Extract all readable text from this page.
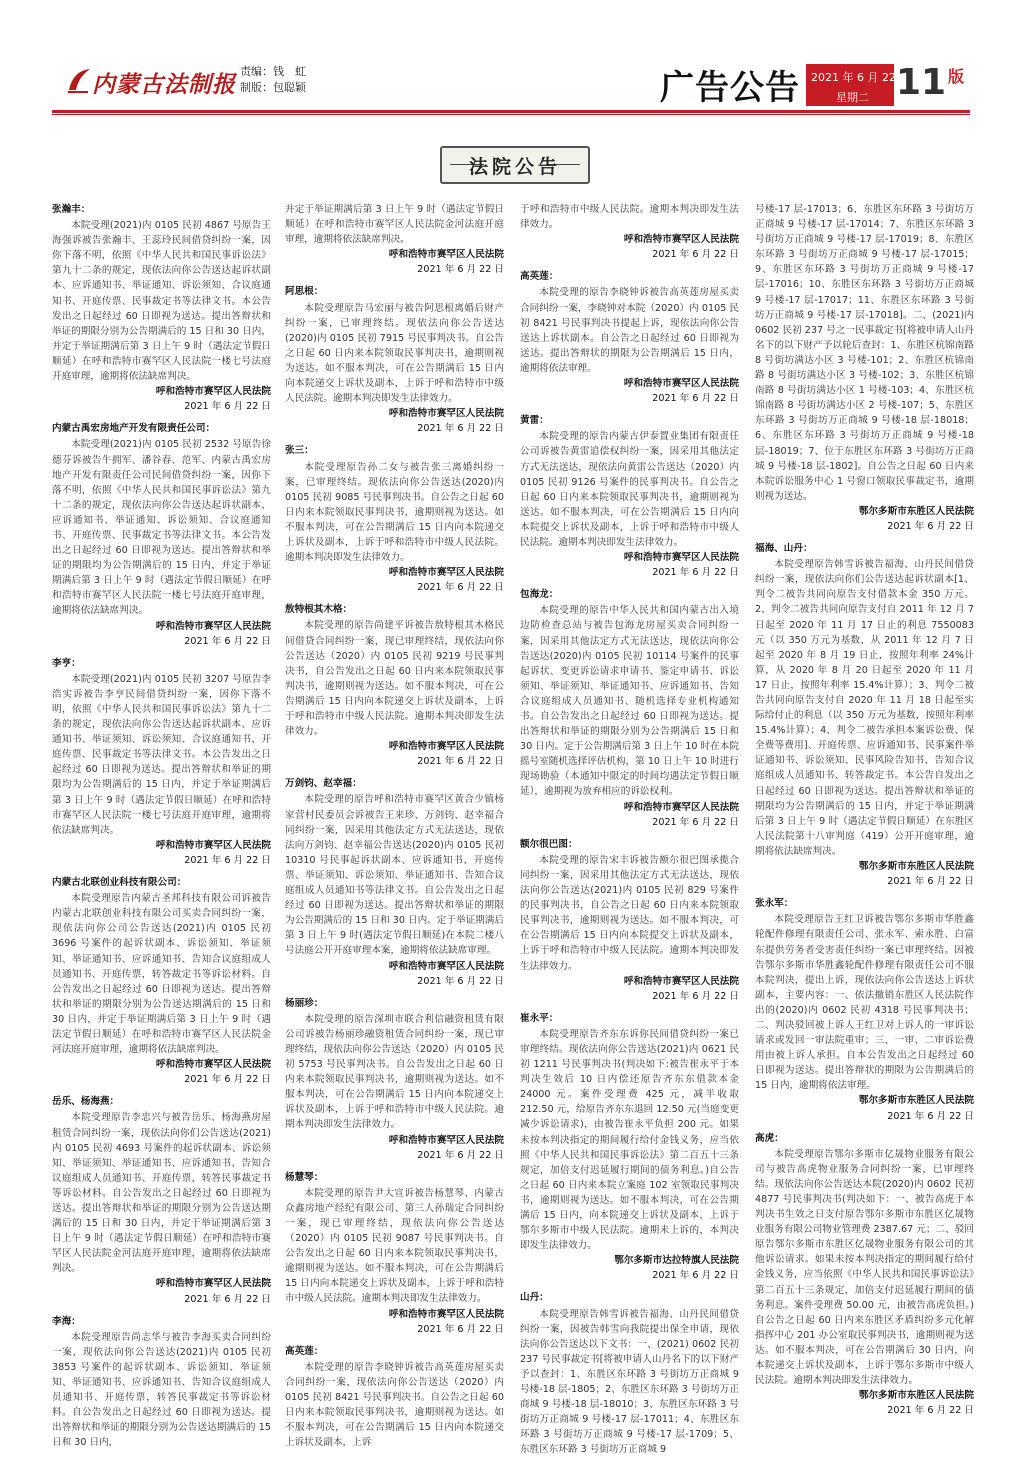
内蒙古法制报 责编：钱　虹
制版：包聪颖	广告公告 2021 年 6 月 22 日
星期二 11 版
法院公告
张瀚丰：

本院受理(2021)内 0105 民初 4867 号原告王海强诉被告张瀚丰、王蕊玲民间借贷纠纷一案，因你下落不明，依照《中华人民共和国民事诉讼法》第九十二条的规定，现依法向你公告送达起诉状副本、应诉通知书、举证通知、诉讼须知、合议庭通知书、开庭传票、民事裁定书等法律文书。本公告发出之日起经过 60 日即视为送达。提出答辩状和举证的期限分别为公告期满后的 15 日和 30 日内，并定于举证期满后第 3 日上午 9 时（遇法定节假日顺延）在呼和浩特市赛罕区人民法院一楼七号法庭开庭审理，逾期将依法缺席判决。

呼和浩特市赛罕区人民法院
2021 年 6 月 22 日
内蒙古禹宏房地产开发有限责任公司：

本院受理(2021)内 0105 民初 2532 号原告徐德芬诉被告牛拥军、潘谷春、范军、内蒙古禹宏房地产开发有限责任公司民间借贷纠纷一案，因你下落不明，依照《中华人民共和国民事诉讼法》第九十二条的规定，现依法向你公告送达起诉状副本、应诉通知书、举证通知、诉讼须知、合议庭通知书、开庭传票、民事裁定书等法律文书。本公告发出之日起经过 60 日即视为送达。提出答辩状和举证的期限均为公告期满后的 15 日内，并定于举证期满后第 3 日上午 9 时（遇法定节假日顺延）在呼和浩特市赛罕区人民法院一楼七号法庭开庭审理，逾期将依法缺席判决。

呼和浩特市赛罕区人民法院
2021 年 6 月 22 日
李亨：

本院受理(2021)内 0105 民初 3207 号原告李浩实诉被告李亨民间借贷纠纷一案，因你下落不明，依照《中华人民共和国民事诉讼法》第九十二条的规定，现依法向你公告送达起诉状副本、应诉通知书、举证须知、诉讼须知、合议庭通知书、开庭传票、民事裁定书等法律文书。本公告发出之日起经过 60 日即视为送达。提出答辩状和举证的期限均为公告期满后的 15 日内，并定于举证期满后第 3 日上午 9 时（遇法定节假日顺延）在呼和浩特市赛罕区人民法院一楼七号法庭开庭审理，逾期将依法缺席判决。

呼和浩特市赛罕区人民法院
2021 年 6 月 22 日
内蒙古北联创业科技有限公司：

本院受理原告内蒙古圣邦科技有限公司诉被告内蒙古北联创业科技有限公司买卖合同纠纷一案，现依法向你公司公告送达(2021)内 0105 民初 3696 号案件的起诉状副本、诉讼须知、举证须知、举证通知书、应诉通知书、告知合议庭组成人员通知书、开庭传票，转答裁定书等诉讼材料。自公告发出之日起经过 60 日即视为送达。提出答辩状和举证的期限分别为公告送达期满后的 15 日和 30 日内，并定于举证期满后第 3 日上午 9 时（遇法定节假日顺延）在呼和浩特市赛罕区人民法院金河法庭开庭审理，逾期将依法缺席判决。

呼和浩特市赛罕区人民法院
2021 年 6 月 22 日
岳乐、杨海燕：

本院受理原告李忠兴与被告岳乐、杨海燕房屋租赁合同纠纷一案，现依法向你们公告送达(2021)内 0105 民初 4693 号案件的起诉状副本、诉讼须知、举证须知、举证通知书、应诉通知书、告知合议庭组成人员通知书、开庭传票，转答民事裁定书等诉讼材料。自公告发出之日起经过 60 日即视为送达。提出答辩状和举证的期限分别为公告送达期满后的 15 日和 30 日内，并定于举证期满后第 3 日上午 9 时（遇法定节假日顺延）在呼和浩特市赛罕区人民法院金河法庭开庭审理，逾期将依法缺席判决。

呼和浩特市赛罕区人民法院
2021 年 6 月 22 日
李海：

本院受理原告尚志华与被告李海买卖合同纠纷一案，现依法向你公告送达(2021)内 0105 民初 3853 号案件的起诉状副本、诉讼须知、举证须知、举证通知书、应诉通知书、告知合议庭组成人员通知书、开庭传票，转答民事裁定书等诉讼材料。自公告发出之日起经过 60 日即视为送达。提出答辩状和举证的期限分别为公告送达期满后的 15 日和 30 日内，

并定于举证期满后第 3 日上午 9 时（遇法定节假日顺延）在呼和浩特市赛罕区人民法院金河法庭开庭审理，逾期将依法缺席判决。

呼和浩特市赛罕区人民法院
2021 年 6 月 22 日
阿思根：

本院受理原告马宏丽与被告阿思根离婚后财产纠纷一案，已审理终结。现依法向你公告送达(2020)内 0105 民初 7915 号民事判决书。自公告之日起 60 日内来本院领取民事判决书，逾期则视为送达。如不服本判决，可在公告期满后 15 日内向本院递交上诉状及副本，上诉于呼和浩特市中级人民法院。逾期本判决即发生法律效力。

呼和浩特市赛罕区人民法院
2021 年 6 月 22 日
张三：

本院受理原告孙二女与被告张三离婚纠纷一案，已审理终结。现依法向你公告送达(2020)内 0105 民初 9085 号民事判决书。自公告之日起 60 日内来本院领取民事判决书，逾期则视为送达。如不服本判决，可在公告期满后 15 日内向本院递交上诉状及副本，上诉于呼和浩特市中级人民法院。逾期本判决即发生法律效力。

呼和浩特市赛罕区人民法院
2021 年 6 月 22 日
敖特根其木格：

本院受理的原告尚建平诉被告敖特根其木格民间借贷合同纠纷一案，现已审理终结，现依法向你公告送达（2020）内 0105 民初 9219 号民事判决书，自公告发出之日起 60 日内来本院领取民事判决书，逾期则视为送达。如不服本判决，可在公告期满后 15 日内向本院递交上诉状及副本，上诉于呼和浩特市中级人民法院。逾期本判决即发生法律效力。

呼和浩特市赛罕区人民法院
2021 年 6 月 22 日
万剑钧、赵幸福：

本院受理的原告呼和浩特市赛罕区黄合少镇杨家营村民委员会诉被告王来珍、万剑钧、赵幸福合同纠纷一案，因采用其他法定方式无法送达，现依法向万剑钧、赵幸福公告送达(2020)内 0105 民初 10310 号民事起诉状副本、应诉通知书、开庭传票、举证须知、诉讼须知、举证通知书、告知合议庭组成人员通知书等法律文书。自公告发出之日起经过 60 日即视为送达。提出答辩状和举证的期限为公告期满后的 15 日和 30 日内。定于举证期满后第 3 日上午 9 时(遇法定节假日顺延)在本院二楼八号法庭公开开庭审理本案，逾期将依法缺席审理。

呼和浩特市赛罕区人民法院
2021 年 6 月 22 日
杨丽珍：

本院受理的原告深圳市联合利信融资租赁有限公司诉被告杨丽珍融资租赁合同纠纷一案，现已审理终结，现依法向你公告送达（2020）内 0105 民初 5753 号民事判决书。自公告发出之日起 60 日内来本院领取民事判决书，逾期则视为送达。如不服本判决，可在公告期满后 15 日内向本院递交上诉状及副本，上诉于呼和浩特市中级人民法院。逾期本判决即发生法律效力。

呼和浩特市赛罕区人民法院
2021 年 6 月 22 日
杨慧琴：

本院受理的原告尹大宣诉被告杨慧琴、内蒙古众鑫房地产经纪有限公司、第三人孙瑞定合同纠纷一案，现已审理终结，现依法向你公告送达（2020）内 0105 民初 9087 号民事判决书。自公告发出之日起 60 日内来本院领取民事判决书，逾期则视为送达。如不服本判决，可在公告期满后 15 日内向本院递交上诉状及副本，上诉于呼和浩特市中级人民法院。逾期本判决即发生法律效力。

呼和浩特市赛罕区人民法院
2021 年 6 月 22 日
高英莲：

本院受理的原告李晓钟诉被告高英莲房屋买卖合同纠纷一案，现依法向你公告送达（2020）内 0105 民初 8421 号民事判决书。自公告之日起 60 日内来本院领取民事判决书，逾期则视为送达。如不服本判决，可在公告期满后 15 日内向本院递交上诉状及副本，上诉

于呼和浩特市中级人民法院。逾期本判决即发生法律效力。

呼和浩特市赛罕区人民法院
2021 年 6 月 22 日
高英莲：

本院受理的原告李晓钟诉被告高英莲房屋买卖合同纠纷一案，李晓钟对本院（2020）内 0105 民初 8421 号民事判决书提起上诉，现依法向你公告送达上诉状副本。自公告之日起经过 60 日即视为送达。提出答辩状的期限为公告期满后 15 日内，逾期将依法审理。

呼和浩特市赛罕区人民法院
2021 年 6 月 22 日
黄雷：

本院受理的原告内蒙古伊泰置业集团有限责任公司诉被告黄雷追偿权纠纷一案，因采用其他法定方式无法送达，现依法向黄雷公告送达（2020）内 0105 民初 9126 号案件的民事判决书。自公告之日起 60 日内来本院领取民事判决书，逾期则视为送达。如不服本判决，可在公告期满后 15 日内向本院提交上诉状及副本，上诉于呼和浩特市中级人民法院。逾期本判决即发生法律效力。

呼和浩特市赛罕区人民法院
2021 年 6 月 22 日
包海龙：

本院受理的原告中华人民共和国内蒙古出入境边防检查总站与被告包海龙房屋买卖合同纠纷一案，因采用其他法定方式无法送达，现依法向你公告送达(2020)内 0105 民初 10114 号案件的民事起诉状、变更诉讼请求申请书、鉴定申请书、诉讼须知、举证须知、举证通知书、应诉通知书、告知合议庭组成人员通知书、随机选择专业机构通知书。自公告发出之日起经过 60 日即视为送达。提出答辩状和举证的期限分别为公告期满后 15 日和 30 日内。定于公告期满后第 3 日上午 10 时在本院摇号室随机选择评估机构，第 10 日上午 10 时进行现场勘验（本通知中限定的时间均遇法定节假日顺延），逾期视为放弃相应的诉讼权利。

呼和浩特市赛罕区人民法院
2021 年 6 月 22 日
额尔很巴图：

本院受理的原告宋丰诉被告额尔很巴图承揽合同纠纷一案，因采用其他法定方式无法送达，现依法向你公告送达(2021)内 0105 民初 829 号案件的民事判决书，自公告之日起 60 日内来本院领取民事判决书，逾期则视为送达。如不服本判决，可在公告期满后 15 日内向本院提交上诉状及副本，上诉于呼和浩特市中级人民法院。逾期本判决即发生法律效力。

呼和浩特市赛罕区人民法院
2021 年 6 月 22 日
崔永平：

本院受理原告齐东东诉你民间借贷纠纷一案已审理终结。现依法向你公告送达(2021)内 0621 民初 1211 号民事判决书(判决如下:被告崔永平于本判决生效后 10 日内偿还原告齐东东借款本金 24000 元。案件受理费 425 元，减半收取 212.50 元，给原告齐东东退回 12.50 元(当庭变更减少诉讼请求)，由被告崔永平负担 200 元。如果未按本判决指定的期间履行给付金钱义务，应当依照《中华人民共和国民事诉讼法》第二百五十三条规定，加倍支付迟延履行期间的债务利息。)自公告之日起 60 日内来本院立案庭 102 室领取民事判决书，逾期则视为送达。如不服本判决，可在公告期满后 15 日内，向本院递交上诉状及副本，上诉于鄂尔多斯市中级人民法院。逾期未上诉的，本判决即发生法律效力。

鄂尔多斯市达拉特旗人民法院
2021 年 6 月 22 日
山丹：

本院受理原告韩雪诉被告福海、山丹民间借贷纠纷一案，因被告韩雪向我院提出保全申请，现依法向你公告送达以下文书：一、(2021) 0602 民初 237 号民事裁定书[将被申请人山丹名下的以下财产予以查封：1、东胜区东环路 3 号街坊万正商城 9 号楼-18 层-1805；2、东胜区东环路 3 号街坊万正商城 9 号楼-18 层-18010；3、东胜区东环路 3 号街坊万正商城 9 号楼-17 层-17011；4、东胜区东环路 3 号街坊万正商城 9 号楼-17 层-1709；5、东胜区东环路 3 号街坊万正商城 9

号楼-17 层-17013；6、东胜区东环路 3 号街坊万正商城 9 号楼-17 层-17014；7、东胜区东环路 3 号街坊万正商城 9 号楼-17 层-17019；8、东胜区东环路 3 号街坊万正商城 9 号楼-17 层-17015；9、东胜区东环路 3 号街坊万正商城 9 号楼-17 层-17016；10、东胜区东环路 3 号街坊万正商城 9 号楼-17 层-17017；11、东胜区东环路 3 号街坊万正商城 9 号楼-17 层-17018]。二、(2021)内 0602 民初 237 号之一民事裁定书[将被申请人山丹名下的以下财产予以轮后查封：1、东胜区杭锦南路 8 号街坊满达小区 3 号楼-101；2、东胜区杭锦南路 8 号街坊满达小区 3 号楼-102；3、东胜区杭锦南路 8 号街坊满达小区 1 号楼-103；4、东胜区杭锦南路 8 号街坊满达小区 2 号楼-107；5、东胜区东环路 3 号街坊万正商城 9 号楼-18 层-18018；6、东胜区东环路 3 号街坊万正商城 9 号楼-18 层-18019；7、位于东胜区东环路 3 号街坊万正商城 9 号楼-18 层-1802]。自公告之日起 60 日内来本院诉讼服务中心 1 号窗口领取民事裁定书，逾期则视为送达。

鄂尔多斯市东胜区人民法院
2021 年 6 月 22 日
福海、山丹：

本院受理原告韩雪诉被告福海、山丹民间借贷纠纷一案，现依法向你们公告送达起诉状副本[1、判令二被告共同向原告支付借款本金 350 万元。2、判令二被告共同向原告支付自 2011 年 12 月 7 日起至 2020 年 11 月 17 日止的利息 7550083 元（以 350 万元为基数，从 2011 年 12 月 7 日起至 2020 年 8 月 19 日止，按照年利率 24%计算，从 2020 年 8 月 20 日起至 2020 年 11 月 17 日止，按照年利率 15.4%计算）；3、判令二被告共同向原告支付自 2020 年 11 月 18 日起至实际给付止的利息（以 350 万元为基数，按照年利率 15.4%计算）；4、判令二被告承担本案诉讼费、保全费等费用]、开庭传票、应诉通知书、民事案件举证通知书、诉讼须知、民事风险告知书、告知合议庭组成人员通知书、转答裁定书。本公告自发出之日起经过 60 日即视为送达。提出答辩状和举证的期限均为公告期满后的 15 日内，并定于举证期满后第 3 日上午 9 时（遇法定节假日顺延）在东胜区人民法院第十八审判庭（419）公开开庭审理，逾期将依法缺席判决。

鄂尔多斯市东胜区人民法院
2021 年 6 月 22 日
张永军：

本院受理原告王红卫诉被告鄂尔多斯市华胜鑫轮配件修理有限责任公司、张永军、索永胜、白富东提供劳务者受害责任纠纷一案已审理终结。因被告鄂尔多斯市华胜鑫轮配件修理有限责任公司不服本院判决，提出上诉，现依法向你公告送达上诉状副本，主要内容：一、依法撤销东胜区人民法院作出的(2020)内 0602 民初 4318 号民事判决书；二、判决驳回被上诉人王红卫对上诉人的一审诉讼请求或发回一审法院重审；三、一审、二审诉讼费用由被上诉人承担。自本公告发出之日起经过 60 日即视为送达。提出答辩状的期限为公告期满后的 15 日内，逾期将依法审理。

鄂尔多斯市东胜区人民法院
2021 年 6 月 22 日
高虎：

本院受理原告鄂尔多斯市亿晟物业服务有限公司与被告高虎物业服务合同纠纷一案，已审理终结。现依法向你公告送达本院(2020)内 0602 民初 4877 号民事判决书(判决如下：一、被告高虎于本判决书生效之日支付原告鄂尔多斯市东胜区亿晟物业服务有限公司物业管理费 2387.67 元；二、驳回原告鄂尔多斯市东胜区亿晟物业服务有限公司的其他诉讼请求。如果未按本判决指定的期间履行给付金钱义务，应当依照《中华人民共和国民事诉讼法》第二百五十三条规定，加倍支付迟延履行期间的债务利息。案件受理费 50.00 元，由被告高虎负担。)自公告之日起 60 日内来东胜区矛盾纠纷多元化解指挥中心 201 办公室取民事判决书，逾期则视为送达。如不服本判决，可在公告期满后 30 日内，向本院递交上诉状及副本，上诉于鄂尔多斯市中级人民法院。逾期本判决即发生法律效力。

鄂尔多斯市东胜区人民法院
2021 年 6 月 22 日
